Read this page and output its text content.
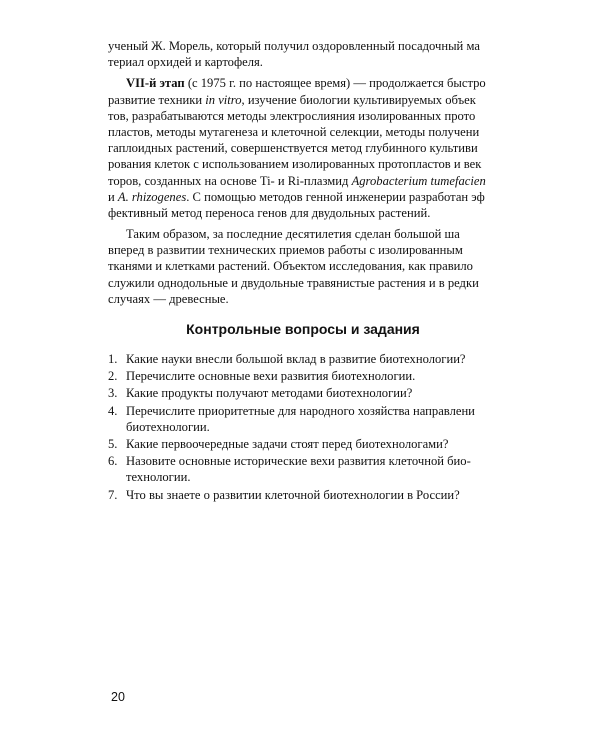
ученый Ж. Морель, который получил оздоровленный посадочный ма
териал орхидей и картофеля.
VII-й этап (с 1975 г. по настоящее время) — продолжается быстро
развитие техники in vitro, изучение биологии культивируемых объек
тов, разрабатываются методы электрослияния изолированных прото
пластов, методы мутагенеза и клеточной селекции, методы получени
гаплоидных растений, совершенствуется метод глубинного культиви
рования клеток с использованием изолированных протопластов и век
торов, созданных на основе Ti- и Ri-плазмид Agrobacterium tumefacien
и A. rhizogenes. С помощью методов генной инженерии разработан эф
фективный метод переноса генов для двудольных растений.
Таким образом, за последние десятилетия сделан большой ша
вперед в развитии технических приемов работы с изолированным
тканями и клетками растений. Объектом исследования, как правило
служили однодольные и двудольные травянистые растения и в редки
случаях — древесные.
Контрольные вопросы и задания
1. Какие науки внесли большой вклад в развитие биотехнологии?
2. Перечислите основные вехи развития биотехнологии.
3. Какие продукты получают методами биотехнологии?
4. Перечислите приоритетные для народного хозяйства направлени
биотехнологии.
5. Какие первоочередные задачи стоят перед биотехнологами?
6. Назовите основные исторические вехи развития клеточной био-
технологии.
7. Что вы знаете о развитии клеточной биотехнологии в России?
20
